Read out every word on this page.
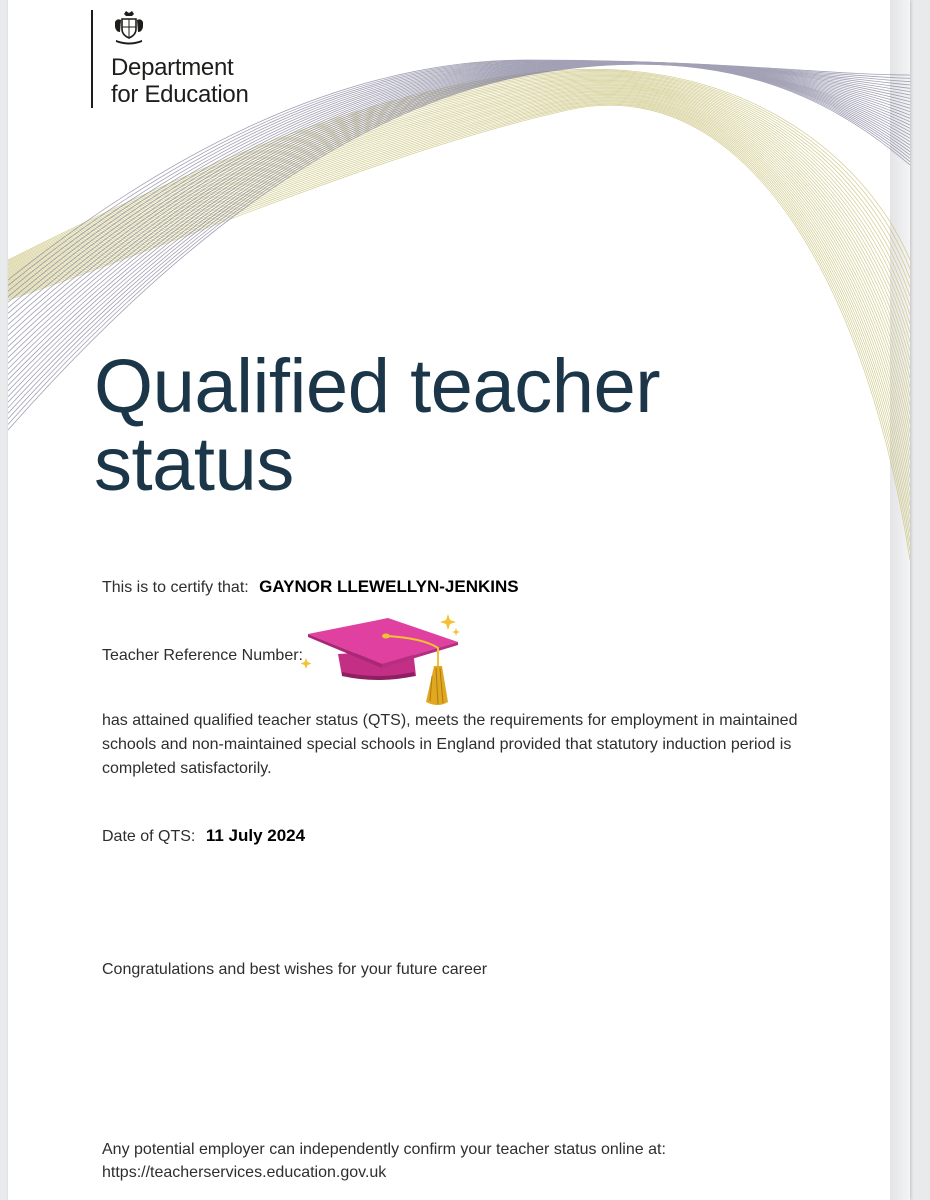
Department
for Education
Qualified teacher status
This is to certify that: GAYNOR LLEWELLYN-JENKINS
Teacher Reference Number:
has attained qualified teacher status (QTS), meets the requirements for employment in maintained schools and non-maintained special schools in England provided that statutory induction period is completed satisfactorily.
Date of QTS: 11 July 2024
Congratulations and best wishes for your future career
Any potential employer can independently confirm your teacher status online at:
https://teacherservices.education.gov.uk
